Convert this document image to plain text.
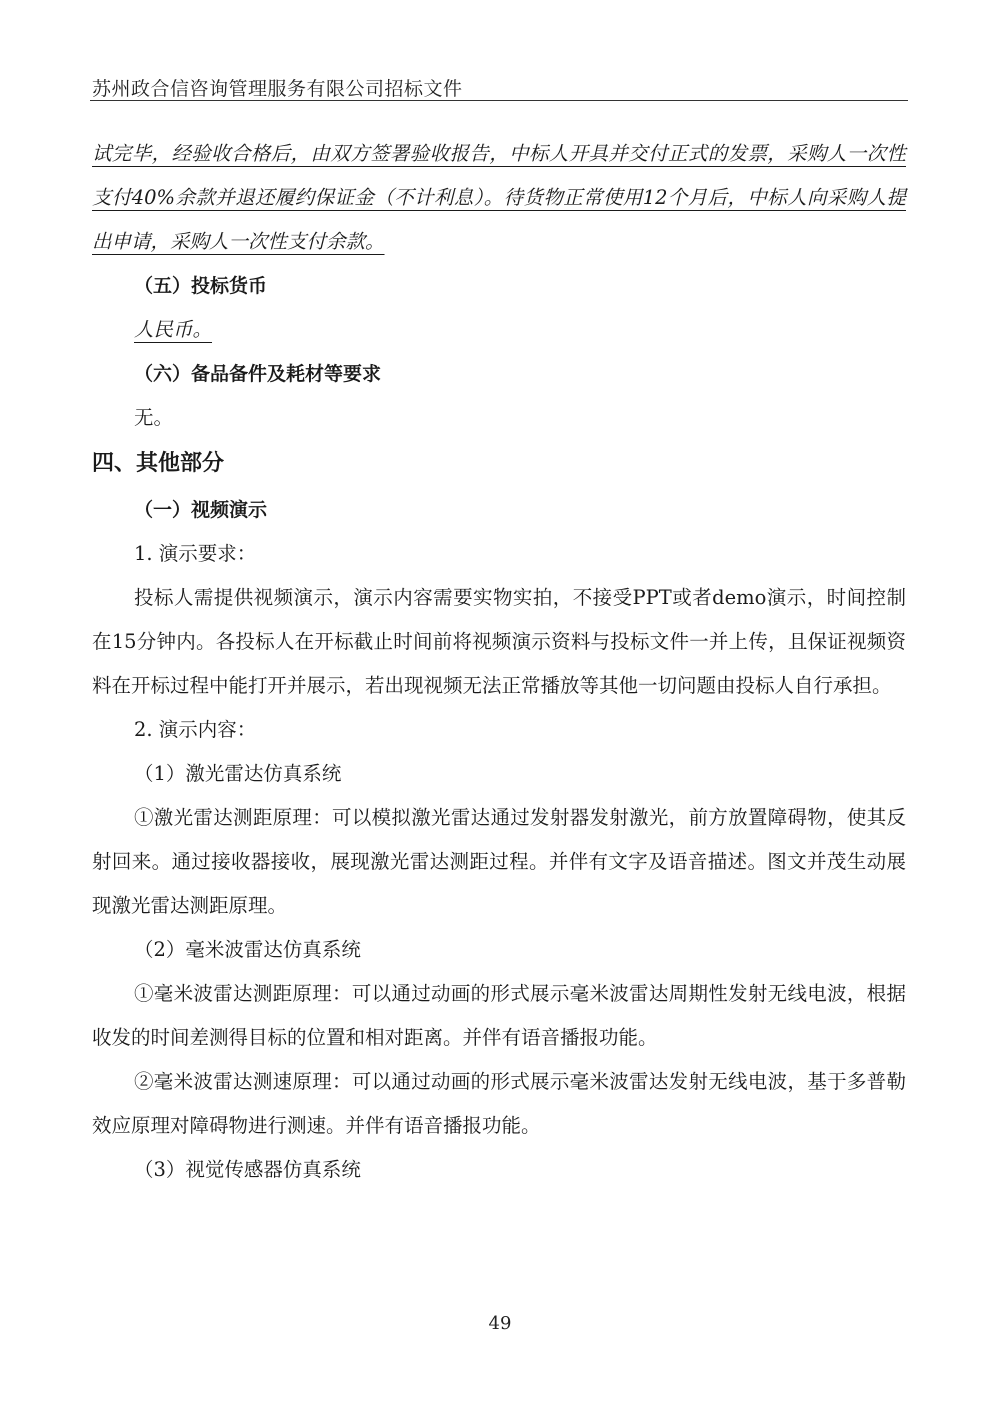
苏州政合信咨询管理服务有限公司招标文件

试完毕，经验收合格后，由双方签署验收报告，中标人开具并交付正式的发票，采购人一次性支付40%余款并退还履约保证金（不计利息）。待货物正常使用12个月后，中标人向采购人提出申请，采购人一次性支付余款。

（五）投标货币

人民币。

（六）备品备件及耗材等要求

无。

四、其他部分

（一）视频演示

1. 演示要求：

投标人需提供视频演示，演示内容需要实物实拍，不接受PPT或者demo演示，时间控制在15分钟内。各投标人在开标截止时间前将视频演示资料与投标文件一并上传，且保证视频资料在开标过程中能打开并展示，若出现视频无法正常播放等其他一切问题由投标人自行承担。

2. 演示内容：

（1）激光雷达仿真系统

①激光雷达测距原理：可以模拟激光雷达通过发射器发射激光，前方放置障碍物，使其反射回来。通过接收器接收，展现激光雷达测距过程。并伴有文字及语音描述。图文并茂生动展现激光雷达测距原理。

（2）毫米波雷达仿真系统

①毫米波雷达测距原理：可以通过动画的形式展示毫米波雷达周期性发射无线电波，根据收发的时间差测得目标的位置和相对距离。并伴有语音播报功能。

②毫米波雷达测速原理：可以通过动画的形式展示毫米波雷达发射无线电波，基于多普勒效应原理对障碍物进行测速。并伴有语音播报功能。

（3）视觉传感器仿真系统

49
